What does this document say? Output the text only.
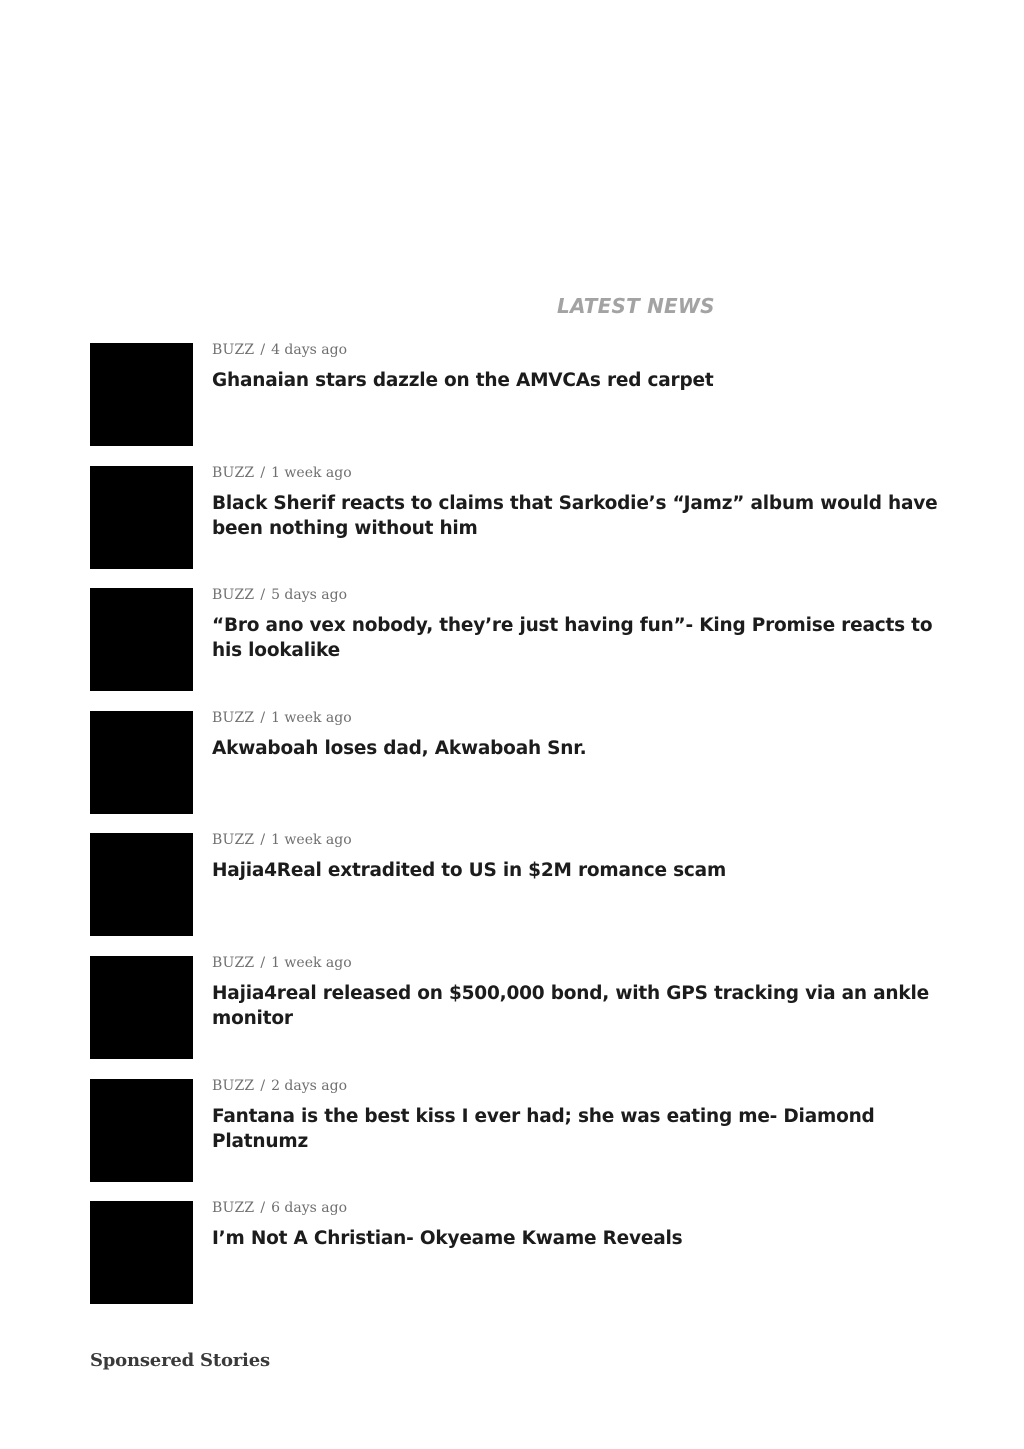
TRENDING NOW	LATEST NEWS
BUZZ / 4 days ago
Ghanaian stars dazzle on the AMVCAs red carpet
BUZZ / 1 week ago
Black Sherif reacts to claims that Sarkodie’s “Jamz” album would have been nothing without him
BUZZ / 5 days ago
“Bro ano vex nobody, they’re just having fun”- King Promise reacts to his lookalike
BUZZ / 1 week ago
Akwaboah loses dad, Akwaboah Snr.
BUZZ / 1 week ago
Hajia4Real extradited to US in $2M romance scam
BUZZ / 1 week ago
Hajia4real released on $500,000 bond, with GPS tracking via an ankle monitor
BUZZ / 2 days ago
Fantana is the best kiss I ever had; she was eating me- Diamond Platnumz
BUZZ / 6 days ago
I’m Not A Christian- Okyeame Kwame Reveals
Sponsered Stories
